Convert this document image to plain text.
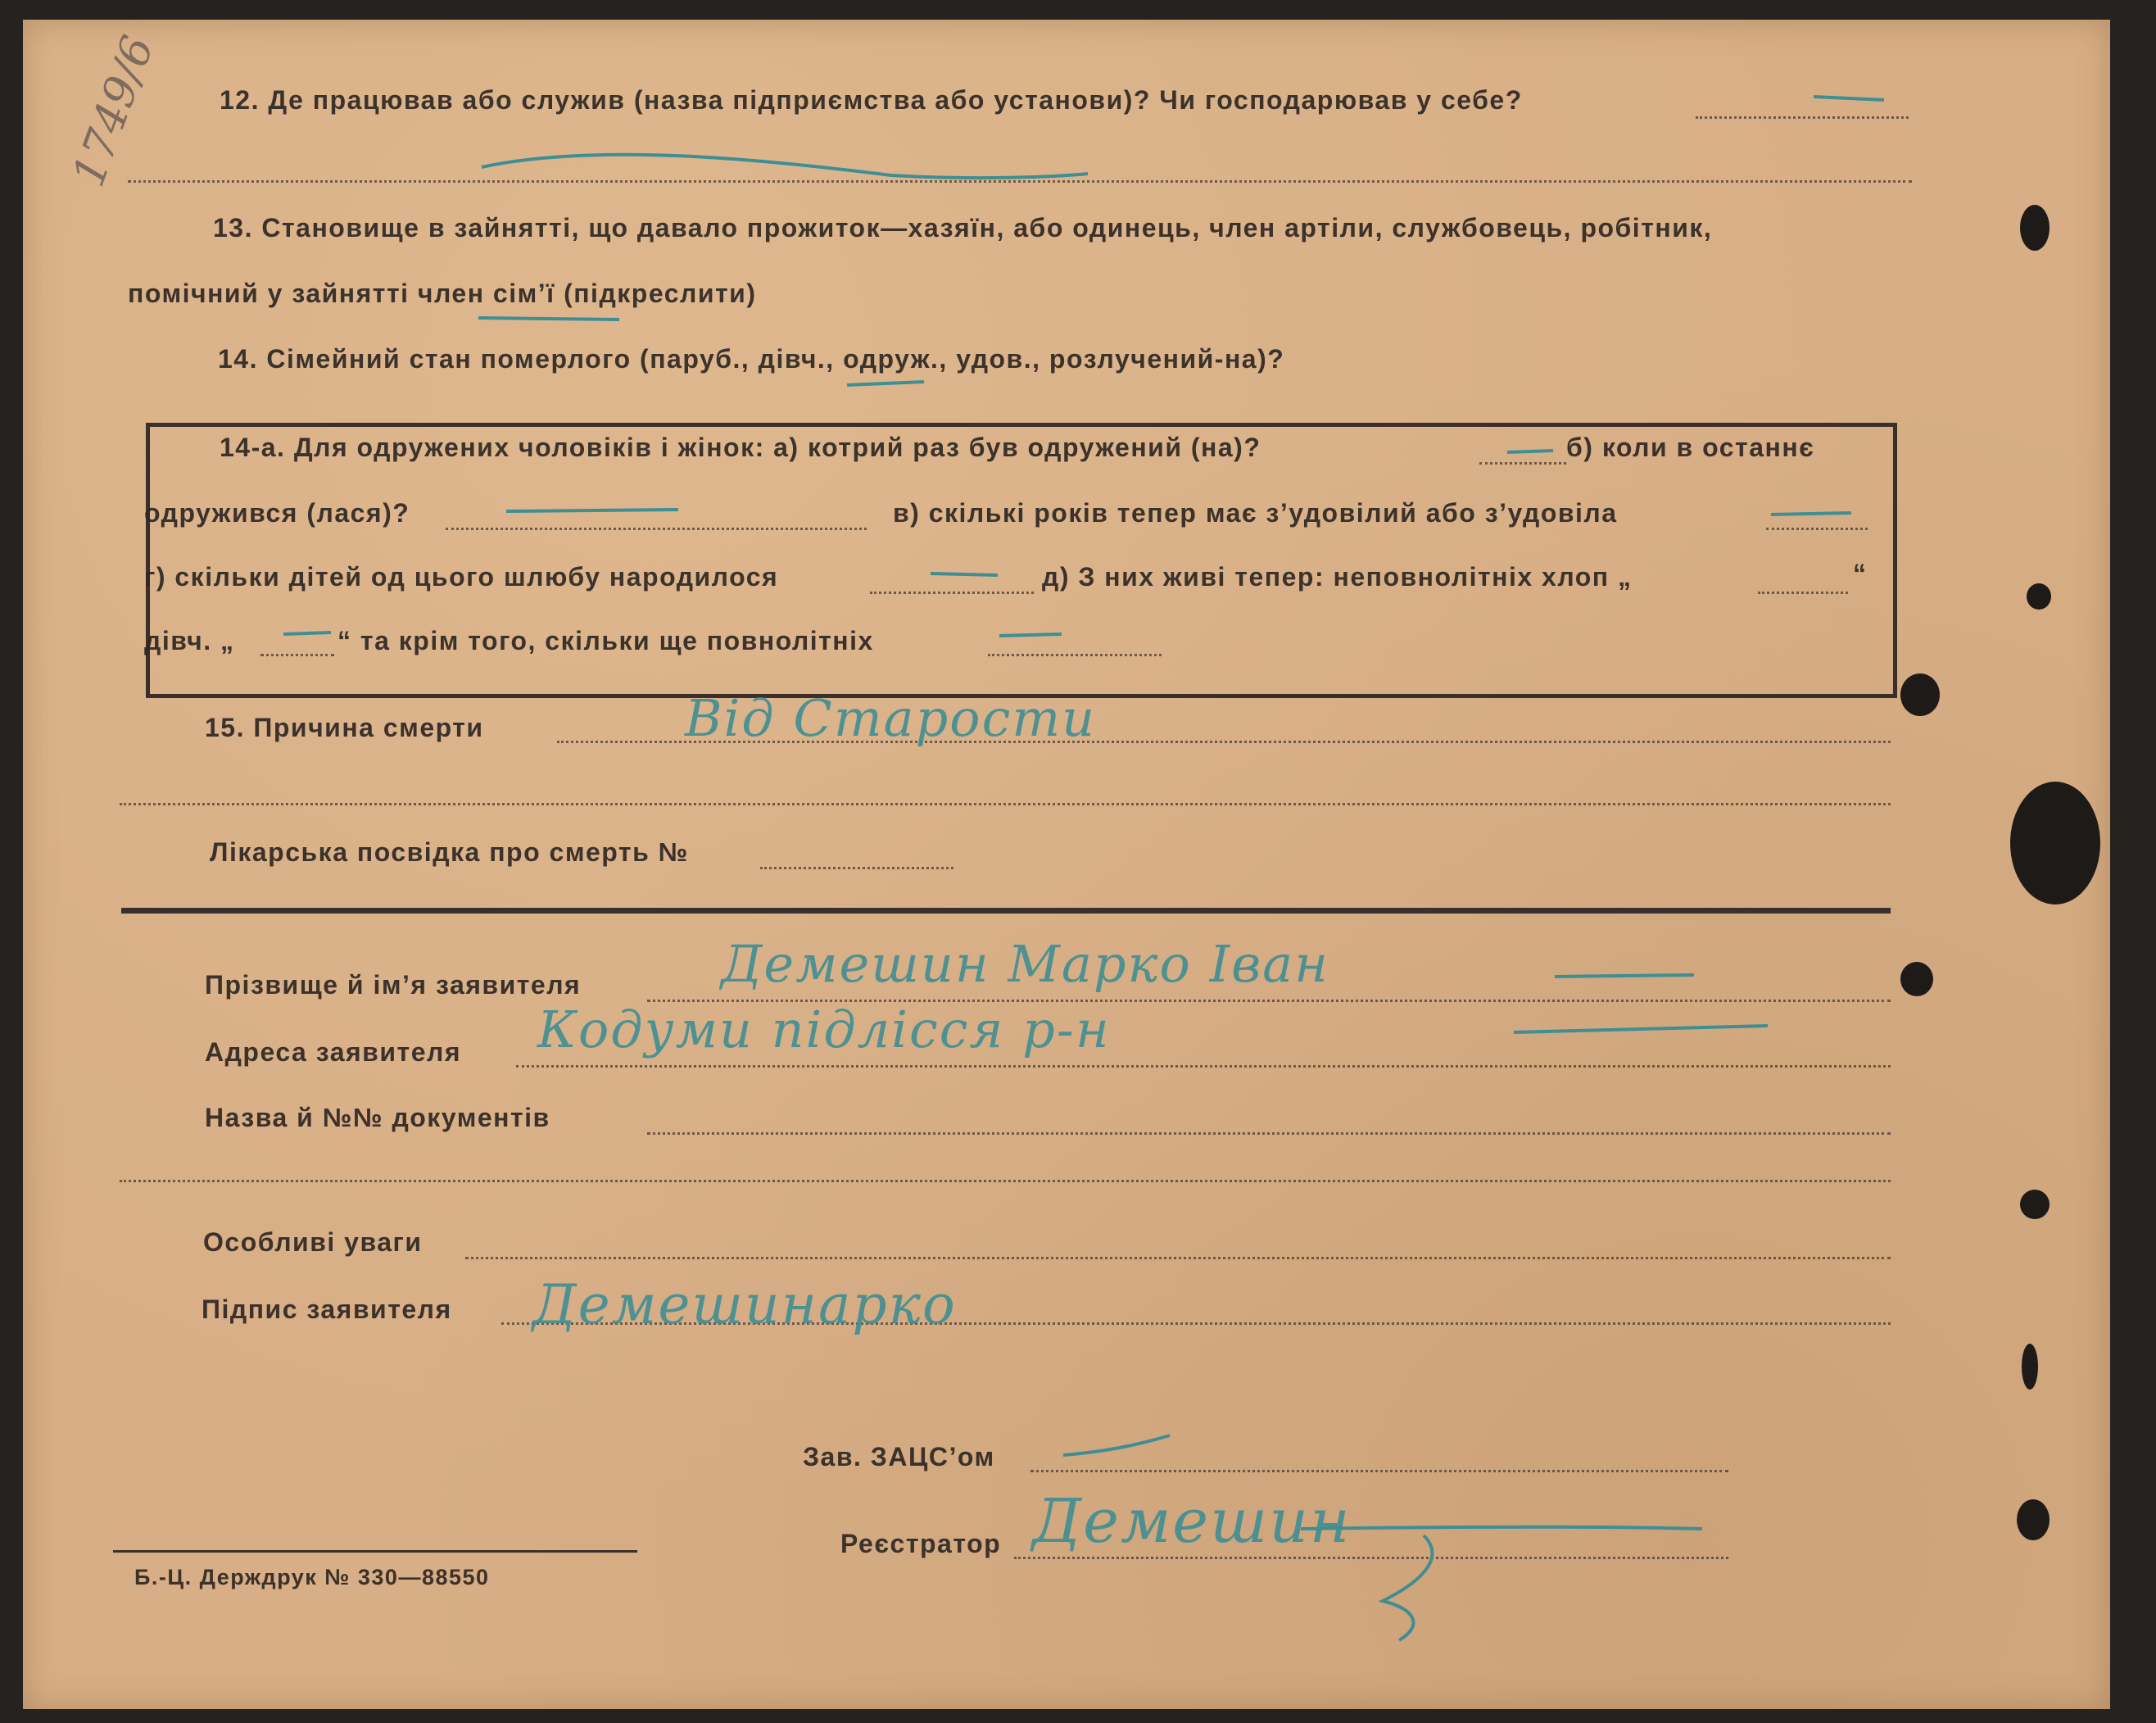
1749/6 12. Де працював або служив (назва підприємства або установи)? Чи господарював у себе?
13. Становище в зайнятті, що давало прожиток—хазяїн, або одинець, член артіли, службовець, робітник,
помічний у зайнятті член сім’ї (підкреслити)
14. Сімейний стан померлого (паруб., дівч., одруж., удов., розлучений-на)?
14-а. Для одружених чоловіків і жінок: а) котрий раз був одружений (на)?	б) коли в останнє
одружився (лася)?	в) скількі років тепер має з’удовілий або з’удовіла
г) скільки дітей од цього шлюбу народилося	д) З них живі тепер: неповнолітніх хлоп „	“
дівч. „	“ та крім того, скільки ще повнолітніх
15. Причина смерти	Від Старости
Лікарська посвідка про смерть №
Прізвище й ім’я заявителя	Демешин Марко Іван
Адреса заявителя Кодуми підлісся р-н
Назва й №№ документів
Особливі уваги
Підпис заявителя Демешинарко
Зав. ЗАЦС’ом
Реєстратор Демешин
Б.-Ц. Держдрук № 330—88550
